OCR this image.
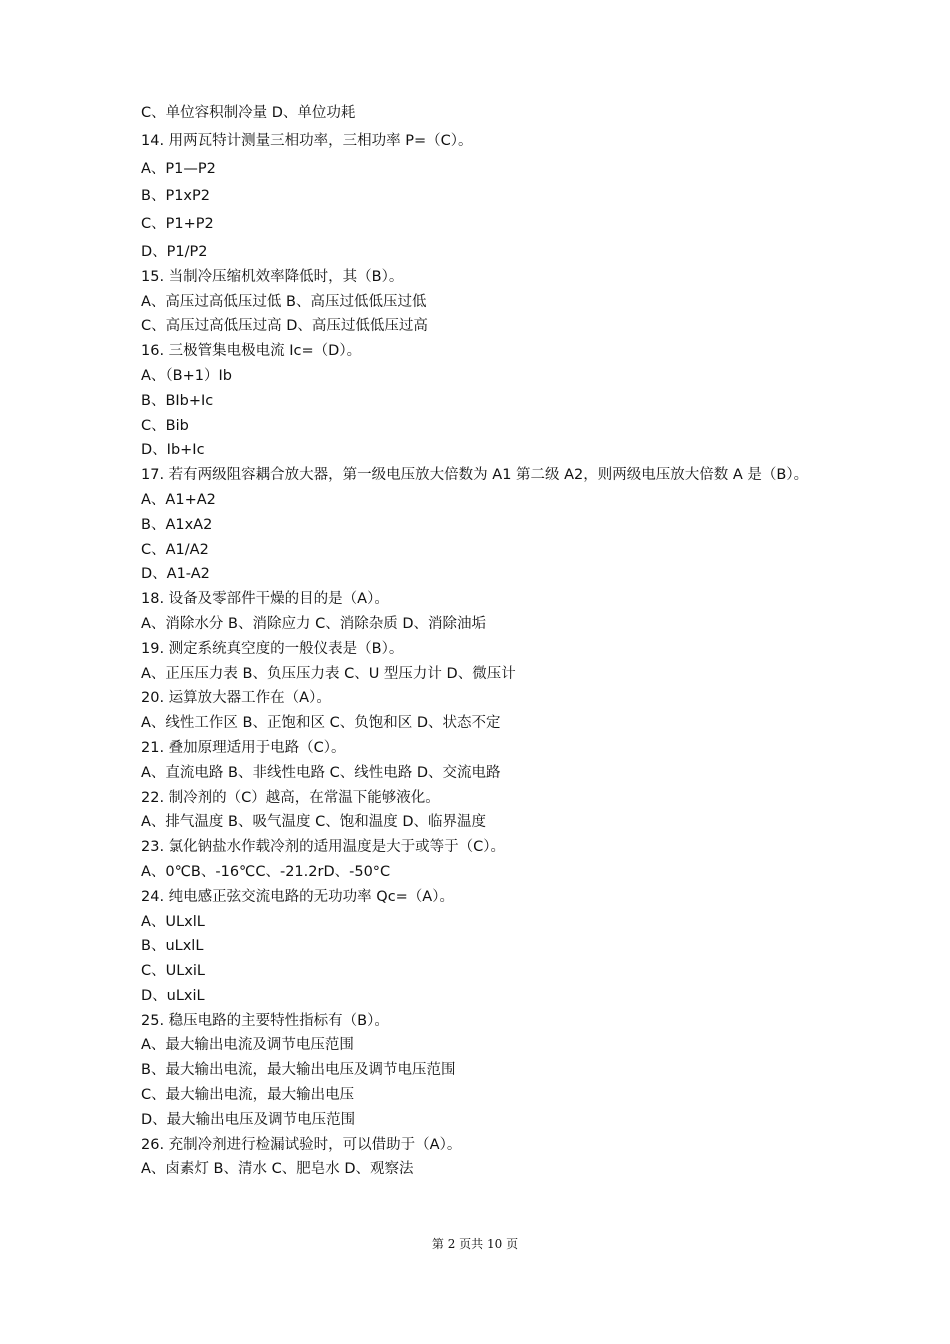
C、单位容积制冷量 D、单位功耗
14. 用两瓦特计测量三相功率，三相功率 P=（C）。
A、P1—P2
B、P1xP2
C、P1+P2
D、P1/P2
15. 当制冷压缩机效率降低时，其（B）。
A、高压过高低压过低 B、高压过低低压过低
C、高压过高低压过高 D、高压过低低压过高
16. 三极管集电极电流 Ic=（D）。
A、（B+1）Ib
B、BIb+Ic
C、Bib
D、Ib+Ic
17. 若有两级阻容耦合放大器，第一级电压放大倍数为 A1 第二级 A2，则两级电压放大倍数 A 是（B）。
A、A1+A2
B、A1xA2
C、A1/A2
D、A1-A2
18. 设备及零部件干燥的目的是（A）。
A、消除水分 B、消除应力 C、消除杂质 D、消除油垢
19. 测定系统真空度的一般仪表是（B）。
A、正压压力表 B、负压压力表 C、U 型压力计 D、微压计
20. 运算放大器工作在（A）。
A、线性工作区 B、正饱和区 C、负饱和区 D、状态不定
21. 叠加原理适用于电路（C）。
A、直流电路 B、非线性电路 C、线性电路 D、交流电路
22. 制冷剂的（C）越高，在常温下能够液化。
A、排气温度 B、吸气温度 C、饱和温度 D、临界温度
23. 氯化钠盐水作载冷剂的适用温度是大于或等于（C）。
A、0℃B、-16℃C、-21.2rD、-50°C
24. 纯电感正弦交流电路的无功功率 Qc=（A）。
A、ULxlL
B、uLxlL
C、ULxiL
D、uLxiL
25. 稳压电路的主要特性指标有（B）。
A、最大输出电流及调节电压范围
B、最大输出电流，最大输出电压及调节电压范围
C、最大输出电流，最大输出电压
D、最大输出电压及调节电压范围
26. 充制冷剂进行检漏试验时，可以借助于（A）。
A、卤素灯 B、清水 C、肥皂水 D、观察法
第 2 页共 10 页
